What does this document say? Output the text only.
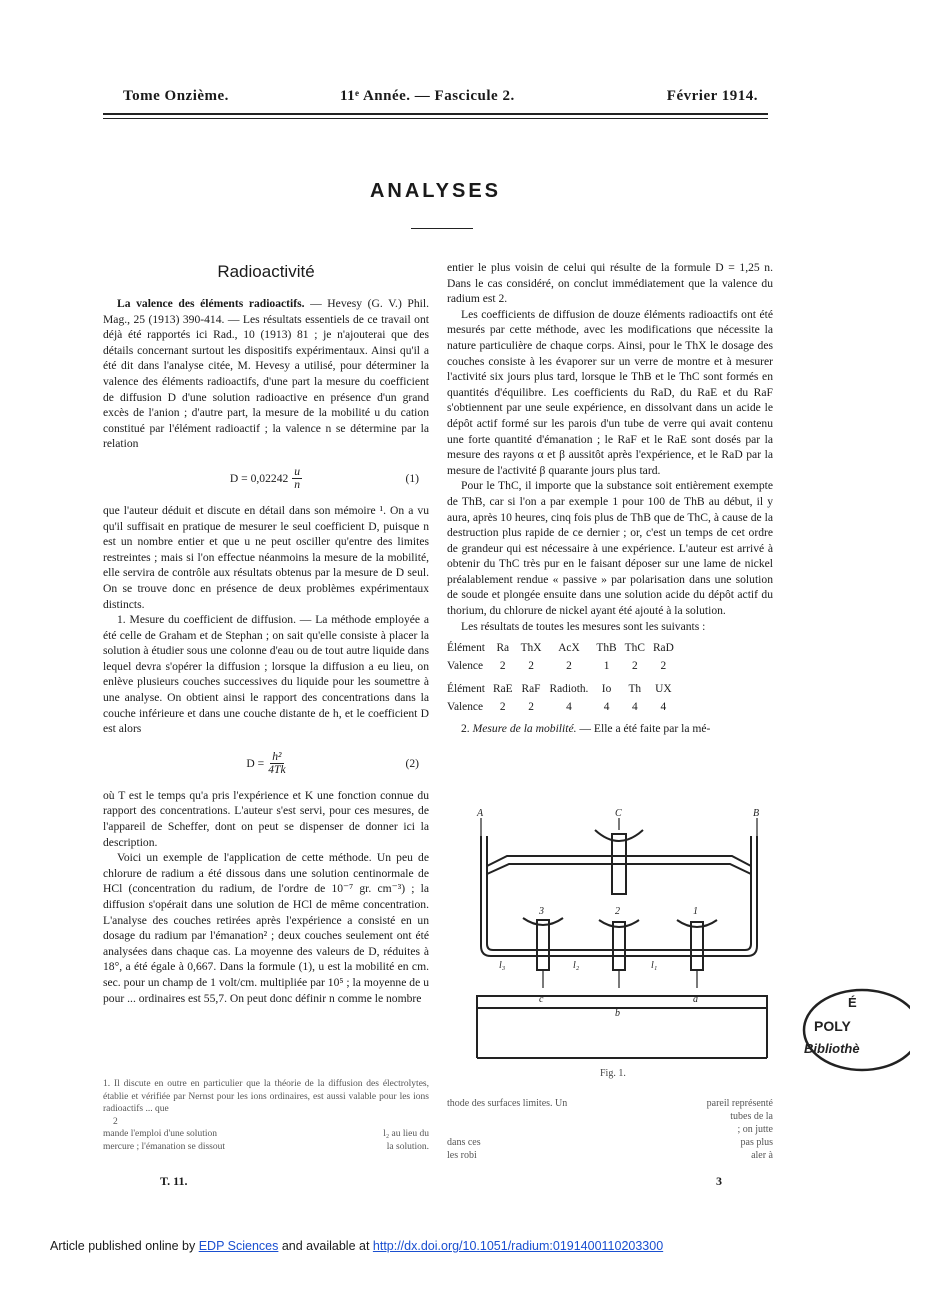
Tome Onzième.	11ᵉ Année. — Fascicule 2.	Février 1914.
ANALYSES
Radioactivité

La valence des éléments radioactifs. — Hevesy (G. V.) Phil. Mag., 25 (1913) 390-414. — Les résultats essentiels de ce travail ont déjà été rapportés ici Rad., 10 (1913) 81 ; je n'ajouterai que des détails concernant surtout les dispositifs expérimentaux. Ainsi qu'il a été dit dans l'analyse citée, M. Hevesy a utilisé, pour déterminer la valence des éléments radioactifs, d'une part la mesure du coefficient de diffusion D d'une solution radioactive en présence d'un grand excès de l'anion ; d'autre part, la mesure de la mobilité u du cation constitué par l'élément radioactif ; la valence n se détermine par la relation

$D = 0,02242 \frac{u}{n}$	(1)

que l'auteur déduit et discute en détail dans son mémoire ¹. On a vu qu'il suffisait en pratique de mesurer le seul coefficient D, puisque n est un nombre entier et que u ne peut osciller qu'entre des limites restreintes ; mais si l'on effectue néanmoins la mesure de la mobilité, elle servira de contrôle aux résultats obtenus par la mesure de D seul. On se trouve donc en présence de deux problèmes expérimentaux distincts.

1. Mesure du coefficient de diffusion. — La méthode employée a été celle de Graham et de Stephan ; on sait qu'elle consiste à placer la solution à étudier sous une colonne d'eau ou de tout autre liquide dans lequel devra s'opérer la diffusion ; lorsque la diffusion a eu lieu, on enlève plusieurs couches successives du liquide pour les soumettre à une analyse. On obtient ainsi le rapport des concentrations dans la couche inférieure et dans une couche distante de h, et le coefficient D est alors

$D = \frac{\text{h²}}{4Tk}$	(2)

où T est le temps qu'a pris l'expérience et K une fonction connue du rapport des concentrations. L'auteur s'est servi, pour ces mesures, de l'appareil de Scheffer, dont on peut se dispenser de donner ici la description.

Voici un exemple de l'application de cette méthode. Un peu de chlorure de radium a été dissous dans une solution centinormale de HCl (concentration du radium, de l'ordre de 10⁻⁷ gr. cm⁻³) ; la diffusion s'opérait dans une solution de HCl de même concentration. L'analyse des couches retirées après l'expérience a consisté en un dosage du radium par l'émanation² ; deux couches seulement ont été analysées dans chaque cas. La moyenne des valeurs de D, réduites à 18°, a été égale à 0,667. Dans la formule (1), u est la mobilité en cm. sec. pour un champ de 1 volt/cm. multipliée par 10⁵ ; la moyenne de u pour ... ordinaires est 55,7. On peut donc définir n comme le nombre

1. Il discute en outre en particulier que la théorie de la diffusion des électrolytes, établie et vérifiée par Nernst pour les ions ordinaires, est aussi valable pour les ions radioactifs ... que
2
mande l'emploi d'une solution	l₂ au lieu du
mercure ; l'émanation se dissout	la solution.
T. 11.

entier le plus voisin de celui qui résulte de la formule D = 1,25 n. Dans le cas considéré, on conclut immédiatement que la valence du radium est 2.

Les coefficients de diffusion de douze éléments radioactifs ont été mesurés par cette méthode, avec les modifications que nécessite la nature particulière de chaque corps. Ainsi, pour le ThX le dosage des couches consiste à les évaporer sur un verre de montre et à mesurer l'activité six jours plus tard, lorsque le ThB et le ThC sont formés en quantités d'équilibre. Les coefficients du RaD, du RaE et du RaF s'obtiennent par une seule expérience, en dissolvant dans un acide le dépôt actif formé sur les parois d'un tube de verre qui avait contenu une forte quantité d'émanation ; le RaF et le RaE sont dosés par la mesure des rayons α et β aussitôt après l'expérience, et le RaD par la mesure de l'activité β quarante jours plus tard.

Pour le ThC, il importe que la substance soit entièrement exempte de ThB, car si l'on a par exemple 1 pour 100 de ThB au début, il y aura, après 10 heures, cinq fois plus de ThB que de ThC, à cause de la destruction plus rapide de ce dernier ; or, c'est un temps de cet ordre de grandeur qui est nécessaire à une expérience. L'auteur est arrivé à obtenir du ThC très pur en le faisant déposer sur une lame de nickel préalablement rendue « passive » par polarisation dans une solution de soude et plongée ensuite dans une solution acide du dépôt actif du thorium, du chlorure de nickel ayant été ajouté à la solution.

Les résultats de toutes les mesures sont les suivants :

Élément	Ra	ThX	AcX	ThB	ThC	RaD
Valence	2	2	2	1	2	2

Élément	RaE	RaF	Radioth.	Io	Th	UX
Valence	2	2	4	4	4	4

2. Mesure de la mobilité. — Elle a été faite par la mé-

A	C	B
3	2	1
l₃	l₂	l₁
c
b
a
Fig. 1.
É
POLY
Bibliothè
thode des surfaces limites. Un	pareil représenté
tubes de la
; on jutte
dans ces	pas plus
les robi	aler à
3
Article published online by EDP Sciences and available at http://dx.doi.org/10.1051/radium:0191400110203300
